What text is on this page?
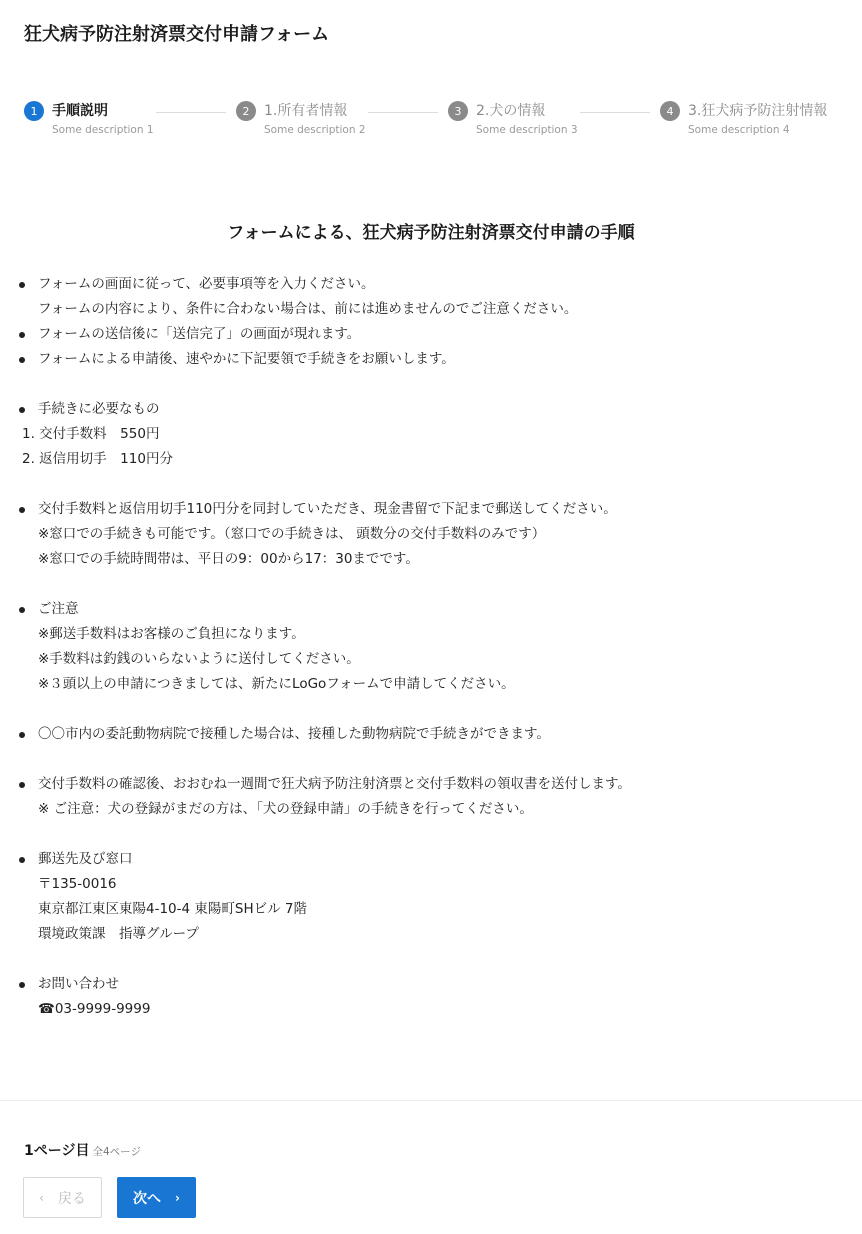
狂犬病予防注射済票交付申請フォーム
1	手順説明
Some description 1
2	1.所有者情報
Some description 2
3	2.犬の情報
Some description 3
4	3.狂犬病予防注射情報
Some description 4
フォームによる、狂犬病予防注射済票交付申請の手順
フォームの画面に従って、必要事項等を入力ください。
フォームの内容により、条件に合わない場合は、前には進めませんのでご注意ください。
フォームの送信後に「送信完了」の画面が現れます。
フォームによる申請後、速やかに下記要領で手続きをお願いします。
手続きに必要なもの
1. 交付手数料　550円
2. 返信用切手　110円分
交付手数料と返信用切手110円分を同封していただき、現金書留で下記まで郵送してください。
※窓口での手続きも可能です。（窓口での手続きは、 頭数分の交付手数料のみです）
※窓口での手続時間帯は、平日の9：00から17：30までです。
ご注意
※郵送手数料はお客様のご負担になります。
※手数料は釣銭のいらないように送付してください。
※３頭以上の申請につきましては、新たにLoGoフォームで申請してください。
〇〇市内の委託動物病院で接種した場合は、接種した動物病院で手続きができます。
交付手数料の確認後、おおむね一週間で狂犬病予防注射済票と交付手数料の領収書を送付します。
※ ご注意：犬の登録がまだの方は、｢犬の登録申請」の手続きを行ってください。
郵送先及び窓口
〒135-0016
東京都江東区東陽4-10-4 東陽町SHビル 7階
環境政策課　指導グループ
お問い合わせ
☎03-9999-9999
1ページ目 全4ページ
‹ 戻る	次へ ›
